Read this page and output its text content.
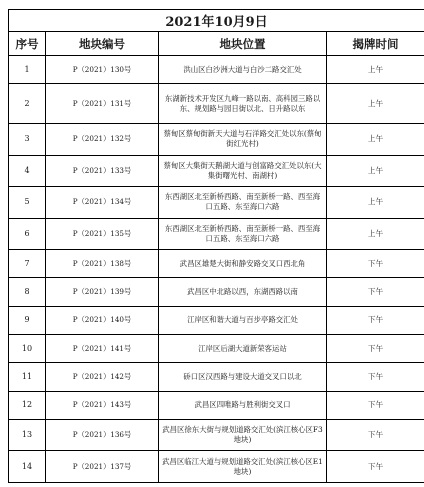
2021年10月9日			
序号	地块编号	地块位置	揭牌时间
1	P（2021）130号	洪山区白沙洲大道与白沙二路交汇处	上午
2	P（2021）131号	东湖新技术开发区九峰一路以南、高科园三路以东、规划路与园日街以北、日升路以东	上午
3	P（2021）132号	蔡甸区蔡甸街新天大道与石洋路交汇处以东(蔡甸街红光村)	上午
4	P（2021）133号	蔡甸区大集街天鹅湖大道与创富路交汇处以东(大集街曙光村、南湖村)	上午
5	P（2021）134号	东西湖区北至新桥西路、南至新桥一路、西至海口五路、东至海口六路	上午
6	P（2021）135号	东西湖区北至新桥西路、南至新桥一路、西至海口五路、东至海口六路	上午
7	P（2021）138号	武昌区雄楚大街和静安路交叉口西北角	下午
8	P（2021）139号	武昌区中北路以西，东湖西路以南	下午
9	P（2021）140号	江岸区和谐大道与百步亭路交汇处	下午
10	P（2021）141号	江岸区后湖大道新荣客运站	下午
11	P（2021）142号	硚口区汉西路与建设大道交叉口以北	下午
12	P（2021）143号	武昌区四唯路与胜利街交叉口	下午
13	P（2021）136号	武昌区徐东大街与规划道路交汇处(滨江核心区F3地块)	下午
14	P（2021）137号	武昌区临江大道与规划道路交汇处(滨江核心区E1地块)	下午
